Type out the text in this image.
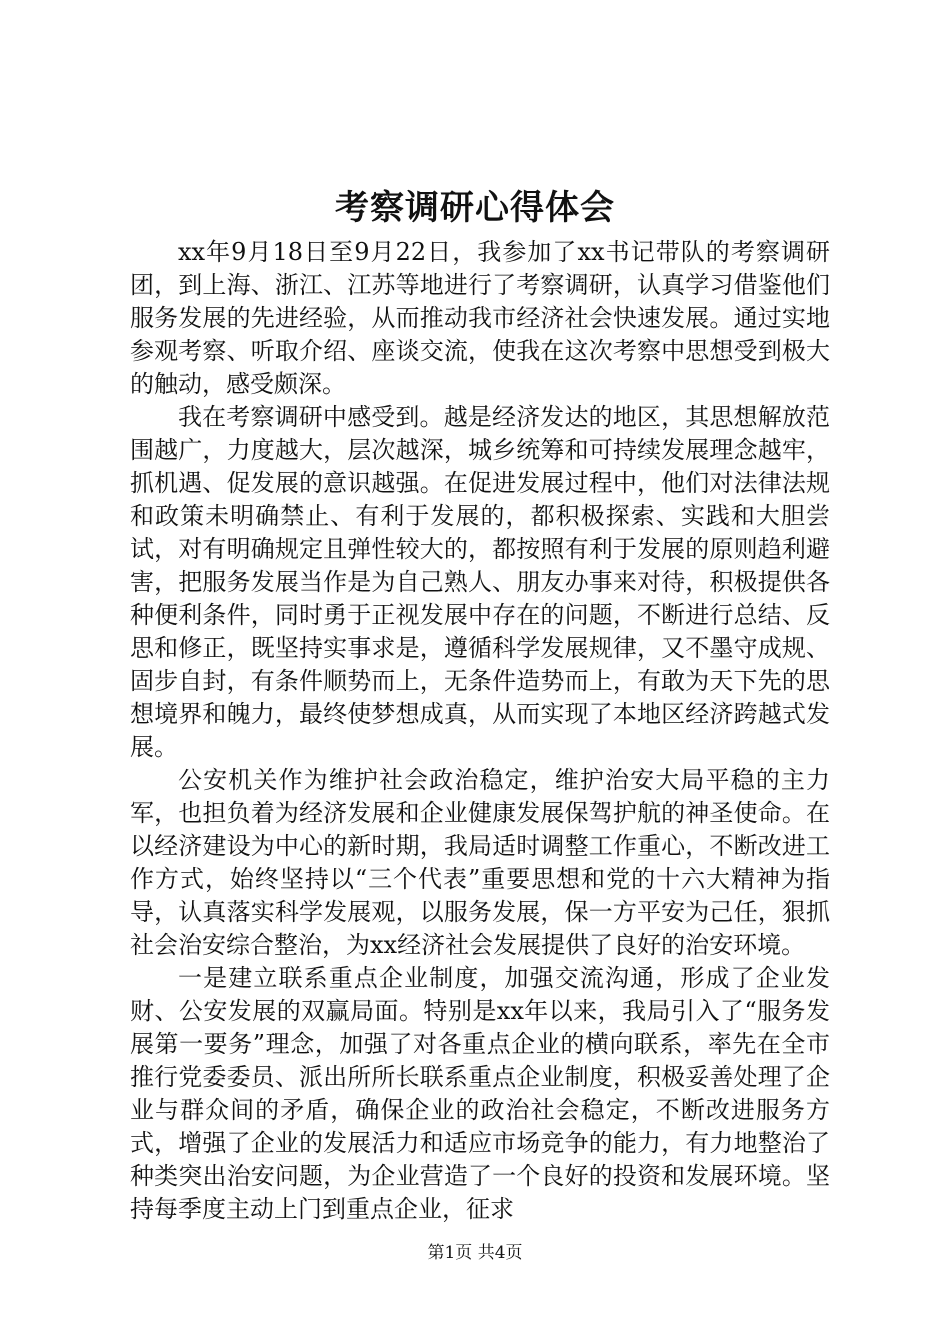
考察调研心得体会

xx年9月18日至9月22日，我参加了xx书记带队的考察调研团，到上海、浙江、江苏等地进行了考察调研，认真学习借鉴他们服务发展的先进经验，从而推动我市经济社会快速发展。通过实地参观考察、听取介绍、座谈交流，使我在这次考察中思想受到极大的触动，感受颇深。

我在考察调研中感受到。越是经济发达的地区，其思想解放范围越广，力度越大，层次越深，城乡统筹和可持续发展理念越牢，抓机遇、促发展的意识越强。在促进发展过程中，他们对法律法规和政策未明确禁止、有利于发展的，都积极探索、实践和大胆尝试，对有明确规定且弹性较大的，都按照有利于发展的原则趋利避害，把服务发展当作是为自己熟人、朋友办事来对待，积极提供各种便利条件，同时勇于正视发展中存在的问题，不断进行总结、反思和修正，既坚持实事求是，遵循科学发展规律，又不墨守成规、固步自封，有条件顺势而上，无条件造势而上，有敢为天下先的思想境界和魄力，最终使梦想成真，从而实现了本地区经济跨越式发展。

公安机关作为维护社会政治稳定，维护治安大局平稳的主力军，也担负着为经济发展和企业健康发展保驾护航的神圣使命。在以经济建设为中心的新时期，我局适时调整工作重心，不断改进工作方式，始终坚持以“三个代表”重要思想和党的十六大精神为指导，认真落实科学发展观，以服务发展，保一方平安为己任，狠抓社会治安综合整治，为xx经济社会发展提供了良好的治安环境。

一是建立联系重点企业制度，加强交流沟通，形成了企业发财、公安发展的双赢局面。特别是xx年以来，我局引入了“服务发展第一要务”理念，加强了对各重点企业的横向联系，率先在全市推行党委委员、派出所所长联系重点企业制度，积极妥善处理了企业与群众间的矛盾，确保企业的政治社会稳定，不断改进服务方式，增强了企业的发展活力和适应市场竞争的能力，有力地整治了种类突出治安问题，为企业营造了一个良好的投资和发展环境。坚持每季度主动上门到重点企业，征求

第1页 共4页
